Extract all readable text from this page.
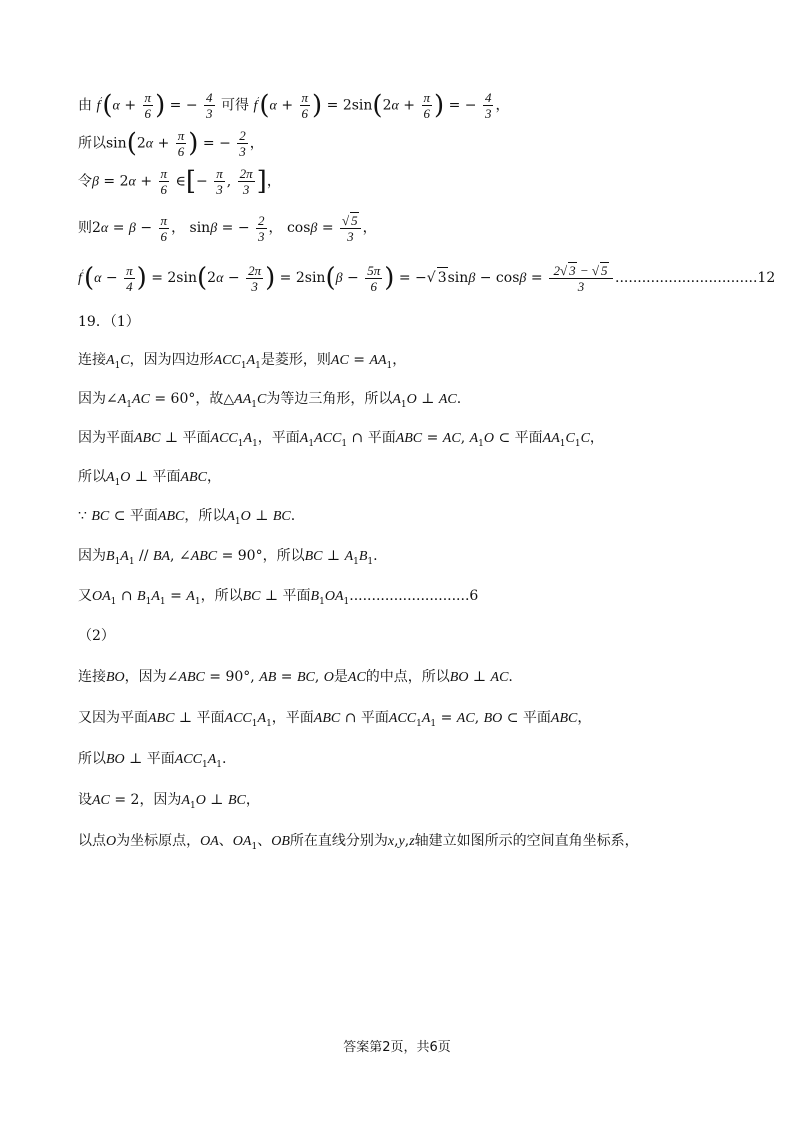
由 $f'(\alpha + \frac{\pi}{6}$ ) = − $\frac{4}{3}$ 可得 $f'(\alpha + \frac{\pi}{6}$ ) = $2\sin(2\alpha + \frac{\pi}{6}$ ) = − $\frac{4}{3}$ ，
所以$\sin(2\alpha + \frac{\pi}{6}$ ) = − $\frac{2}{3}$ ，
令$\beta = 2\alpha + \frac{\pi}{6}$ ∈[− $\frac{\pi}{3}$ , $\frac{2\pi}{3}$ ]，
则$2\alpha = \beta - \frac{\pi}{6}$ ， sinβ = − $\frac{2}{3}$ ， $\cos\beta = \frac{√ 5}{3}$ ，
$f'(\alpha - \frac{\pi}{4}$ ) = $2\sin(2\alpha - \frac{2\pi}{3}$ ) = $2\sin(\beta - \frac{5\pi}{6}$ ) = −√ $3\sin\beta - \cos\beta = \frac{2√ 3 - √ 5}{3} ................................12$
19．（1）
连接$A_1C$，因为四边形$ACC_1A_1$是菱形，则AC = $AA_1$，
因为$\angle A_1AC = 60^\circ$，故$\triangle AA_1C$为等边三角形，所以$A_1O$ ⊥ AC.
因为平面ABC ⊥ 平面$ACC_1A_1$，平面$A_1ACC_1$ ∩ 平面ABC = AC, $A_1O$ ⊂ 平面$AA_1C_1C$，
所以$A_1O$ ⊥ 平面ABC，
∵ BC ⊂ 平面ABC，所以$A_1O$ ⊥ BC.
因为$B_1A_1$ // BA, ∠ABC = 90°，所以BC ⊥ $A_1B_1$.
又$OA_1$ ∩ $B_1A_1 = A_1$，所以BC ⊥ 平面$B_1OA_1...........................6$
（2）
连接BO，因为∠ABC = 90°, AB = BC, O是AC的中点，所以BO ⊥ AC.
又因为平面ABC ⊥ 平面$ACC_1A_1$，平面ABC ∩ 平面$ACC_1A_1$ = AC, BO ⊂ 平面ABC，
所以BO ⊥ 平面$ACC_1A_1$.
设AC = 2，因为$A_1O$ ⊥ BC，
以点O为坐标原点，OA、$OA_1$、OB所在直线分别为x,y,z轴建立如图所示的空间直角坐标系，
答案第2页，共6页
